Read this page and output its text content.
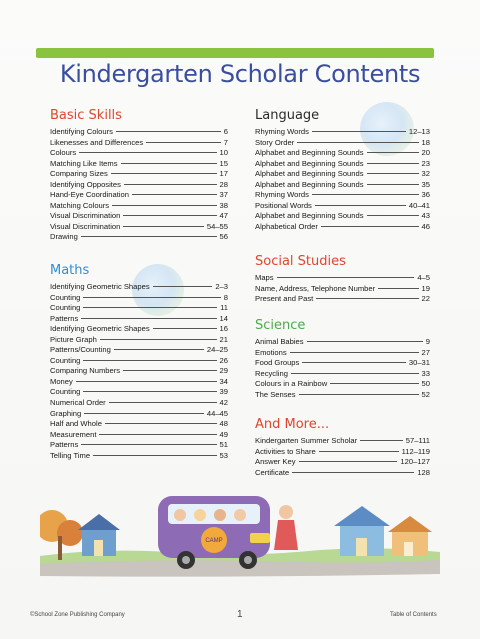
Kindergarten Scholar Contents
Basic Skills
Identifying Colours	6
Likenesses and Differences	7
Colours	10
Matching Like Items	15
Comparing Sizes	17
Identifying Opposites	28
Hand-Eye Coordination	37
Matching Colours	38
Visual Discrimination	47
Visual Discrimination	54–55
Drawing	56
Maths
Identifying Geometric Shapes	2–3
Counting	8
Counting	11
Patterns	14
Identifying Geometric Shapes	16
Picture Graph	21
Patterns/Counting	24–25
Counting	26
Comparing Numbers	29
Money	34
Counting	39
Numerical Order	42
Graphing	44–45
Half and Whole	48
Measurement	49
Patterns	51
Telling Time	53
Language
Rhyming Words	12–13
Story Order	18
Alphabet and Beginning Sounds	20
Alphabet and Beginning Sounds	23
Alphabet and Beginning Sounds	32
Alphabet and Beginning Sounds	35
Rhyming Words	36
Positional Words	40–41
Alphabet and Beginning Sounds	43
Alphabetical Order	46
Social Studies
Maps	4–5
Name, Address, Telephone Number	19
Present and Past	22
Science
Animal Babies	9
Emotions	27
Food Groups	30–31
Recycling	33
Colours in a Rainbow	50
The Senses	52
And More...
Kindergarten Summer Scholar	57–111
Activities to Share	112–119
Answer Key	120–127
Certificate	128
CAMP
©School Zone Publishing Company	1	Table of Contents
